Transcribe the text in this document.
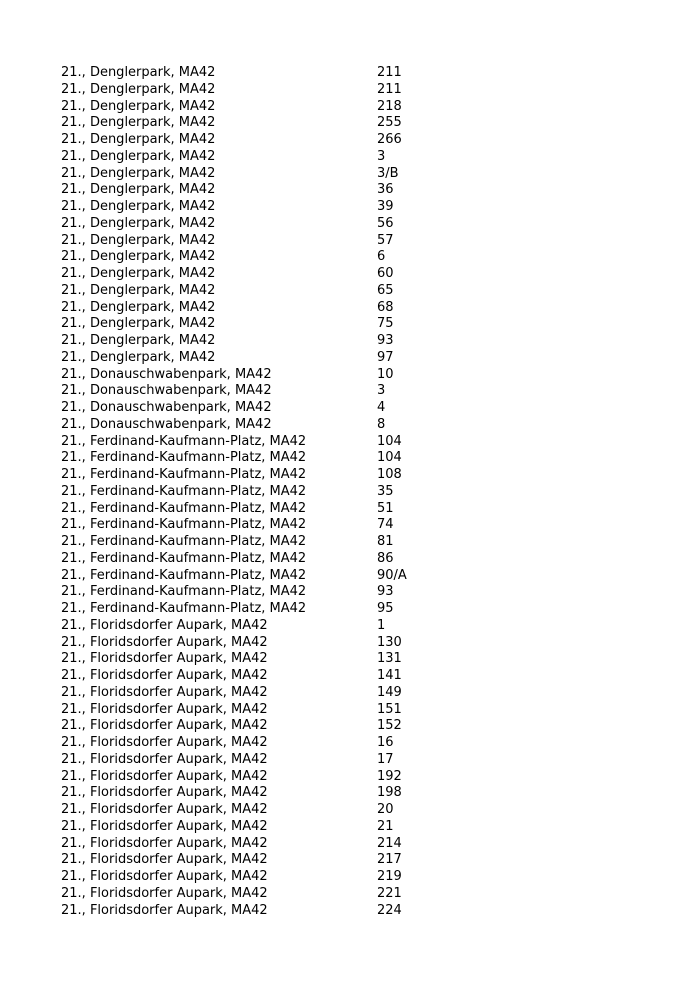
21., Denglerpark, MA42	211
21., Denglerpark, MA42	211
21., Denglerpark, MA42	218
21., Denglerpark, MA42	255
21., Denglerpark, MA42	266
21., Denglerpark, MA42	3
21., Denglerpark, MA42	3/B
21., Denglerpark, MA42	36
21., Denglerpark, MA42	39
21., Denglerpark, MA42	56
21., Denglerpark, MA42	57
21., Denglerpark, MA42	6
21., Denglerpark, MA42	60
21., Denglerpark, MA42	65
21., Denglerpark, MA42	68
21., Denglerpark, MA42	75
21., Denglerpark, MA42	93
21., Denglerpark, MA42	97
21., Donauschwabenpark, MA42	10
21., Donauschwabenpark, MA42	3
21., Donauschwabenpark, MA42	4
21., Donauschwabenpark, MA42	8
21., Ferdinand-Kaufmann-Platz, MA42	104
21., Ferdinand-Kaufmann-Platz, MA42	104
21., Ferdinand-Kaufmann-Platz, MA42	108
21., Ferdinand-Kaufmann-Platz, MA42	35
21., Ferdinand-Kaufmann-Platz, MA42	51
21., Ferdinand-Kaufmann-Platz, MA42	74
21., Ferdinand-Kaufmann-Platz, MA42	81
21., Ferdinand-Kaufmann-Platz, MA42	86
21., Ferdinand-Kaufmann-Platz, MA42	90/A
21., Ferdinand-Kaufmann-Platz, MA42	93
21., Ferdinand-Kaufmann-Platz, MA42	95
21., Floridsdorfer Aupark, MA42	1
21., Floridsdorfer Aupark, MA42	130
21., Floridsdorfer Aupark, MA42	131
21., Floridsdorfer Aupark, MA42	141
21., Floridsdorfer Aupark, MA42	149
21., Floridsdorfer Aupark, MA42	151
21., Floridsdorfer Aupark, MA42	152
21., Floridsdorfer Aupark, MA42	16
21., Floridsdorfer Aupark, MA42	17
21., Floridsdorfer Aupark, MA42	192
21., Floridsdorfer Aupark, MA42	198
21., Floridsdorfer Aupark, MA42	20
21., Floridsdorfer Aupark, MA42	21
21., Floridsdorfer Aupark, MA42	214
21., Floridsdorfer Aupark, MA42	217
21., Floridsdorfer Aupark, MA42	219
21., Floridsdorfer Aupark, MA42	221
21., Floridsdorfer Aupark, MA42	224
